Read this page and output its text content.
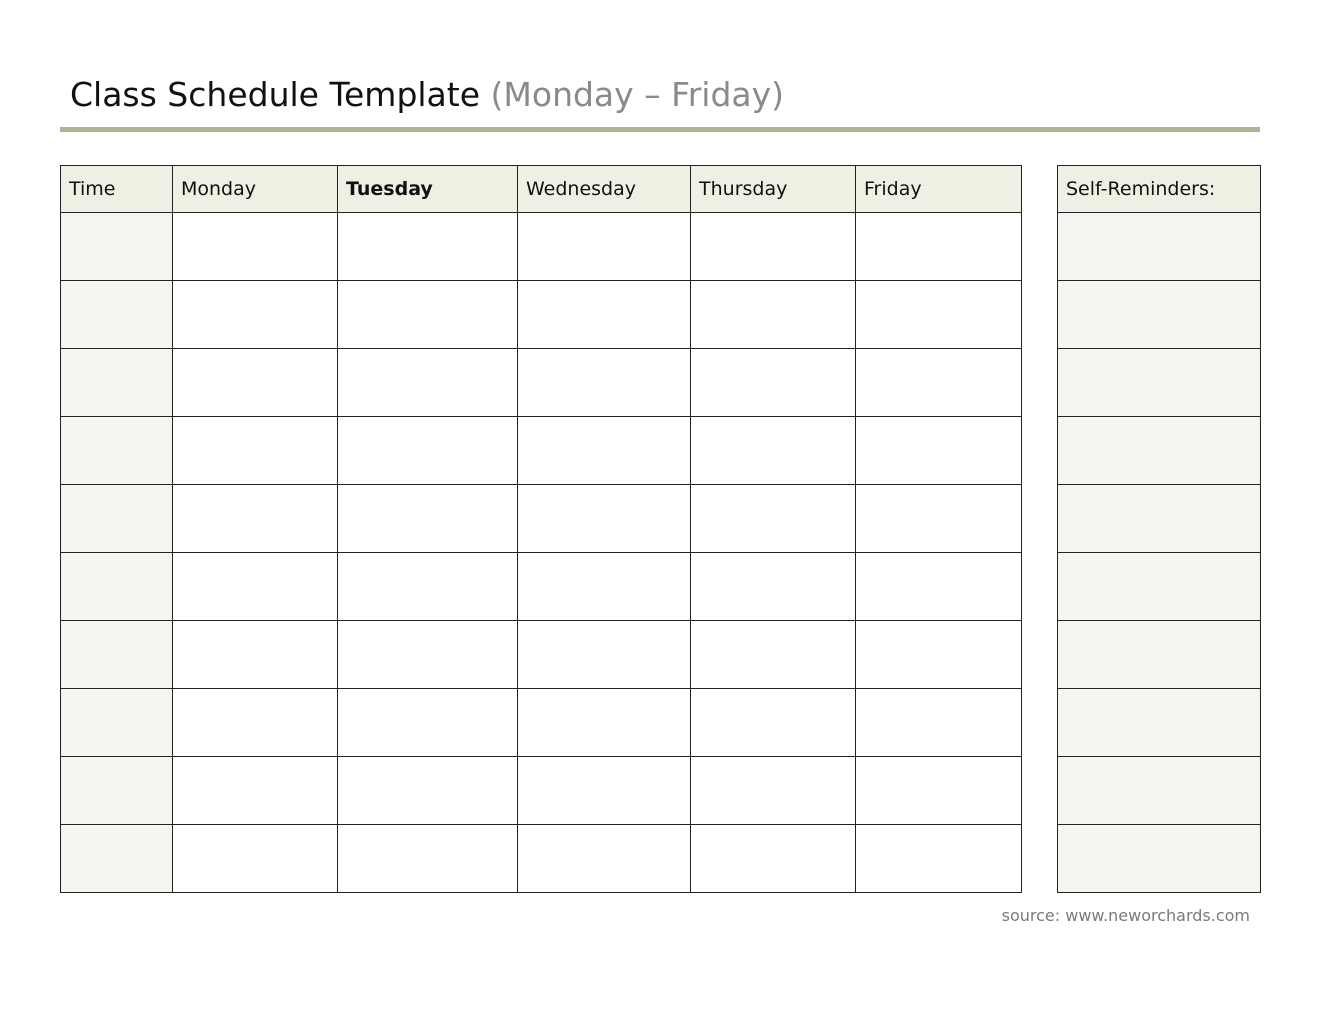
Class Schedule Template (Monday – Friday)
Time	Monday	Tuesday	Wednesday	Thursday	Friday

						Self-Reminders:

source: www.neworchards.com
